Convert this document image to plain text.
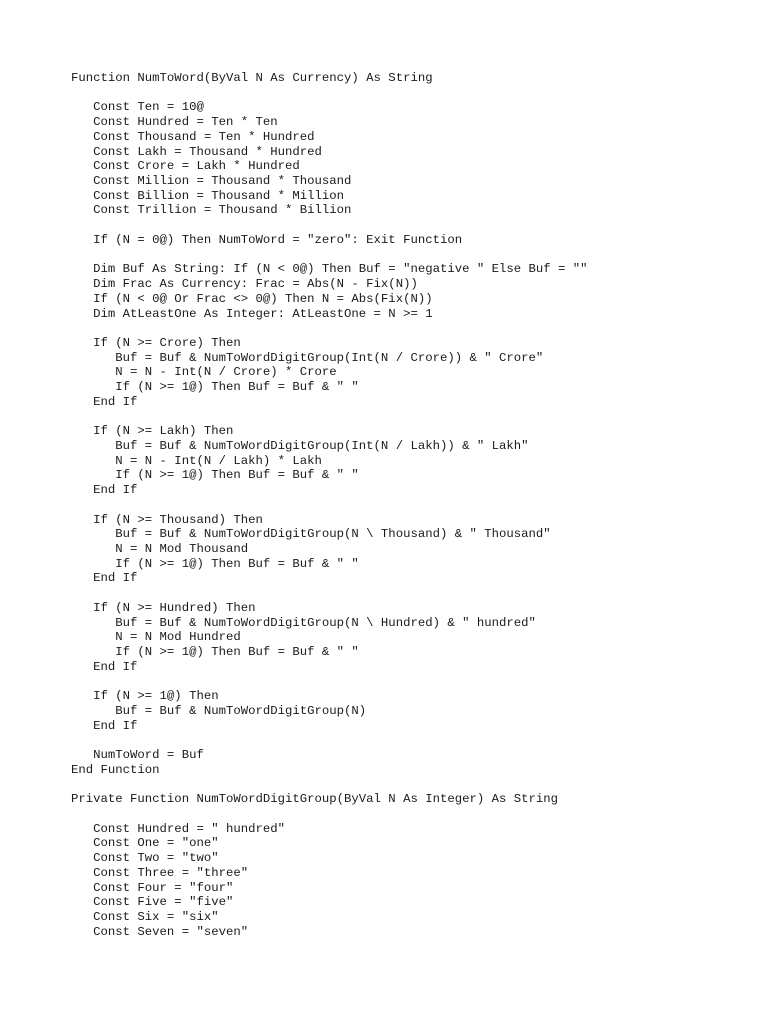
Function NumToWord(ByVal N As Currency) As String
Const Ten = 10@
Const Hundred = Ten * Ten
Const Thousand = Ten * Hundred
Const Lakh = Thousand * Hundred
Const Crore = Lakh * Hundred
Const Million = Thousand * Thousand
Const Billion = Thousand * Million
Const Trillion = Thousand * Billion
If (N = 0@) Then NumToWord = "zero": Exit Function
Dim Buf As String: If (N < 0@) Then Buf = "negative " Else Buf = ""
Dim Frac As Currency: Frac = Abs(N - Fix(N))
If (N < 0@ Or Frac <> 0@) Then N = Abs(Fix(N))
Dim AtLeastOne As Integer: AtLeastOne = N >= 1
If (N >= Crore) Then
Buf = Buf & NumToWordDigitGroup(Int(N / Crore)) & " Crore"
N = N - Int(N / Crore) * Crore
If (N >= 1@) Then Buf = Buf & " "
End If
If (N >= Lakh) Then
Buf = Buf & NumToWordDigitGroup(Int(N / Lakh)) & " Lakh"
N = N - Int(N / Lakh) * Lakh
If (N >= 1@) Then Buf = Buf & " "
End If
If (N >= Thousand) Then
Buf = Buf & NumToWordDigitGroup(N \ Thousand) & " Thousand"
N = N Mod Thousand
If (N >= 1@) Then Buf = Buf & " "
End If
If (N >= Hundred) Then
Buf = Buf & NumToWordDigitGroup(N \ Hundred) & " hundred"
N = N Mod Hundred
If (N >= 1@) Then Buf = Buf & " "
End If
If (N >= 1@) Then
Buf = Buf & NumToWordDigitGroup(N)
End If
NumToWord = Buf
End Function
Private Function NumToWordDigitGroup(ByVal N As Integer) As String
Const Hundred = " hundred"
Const One = "one"
Const Two = "two"
Const Three = "three"
Const Four = "four"
Const Five = "five"
Const Six = "six"
Const Seven = "seven"
